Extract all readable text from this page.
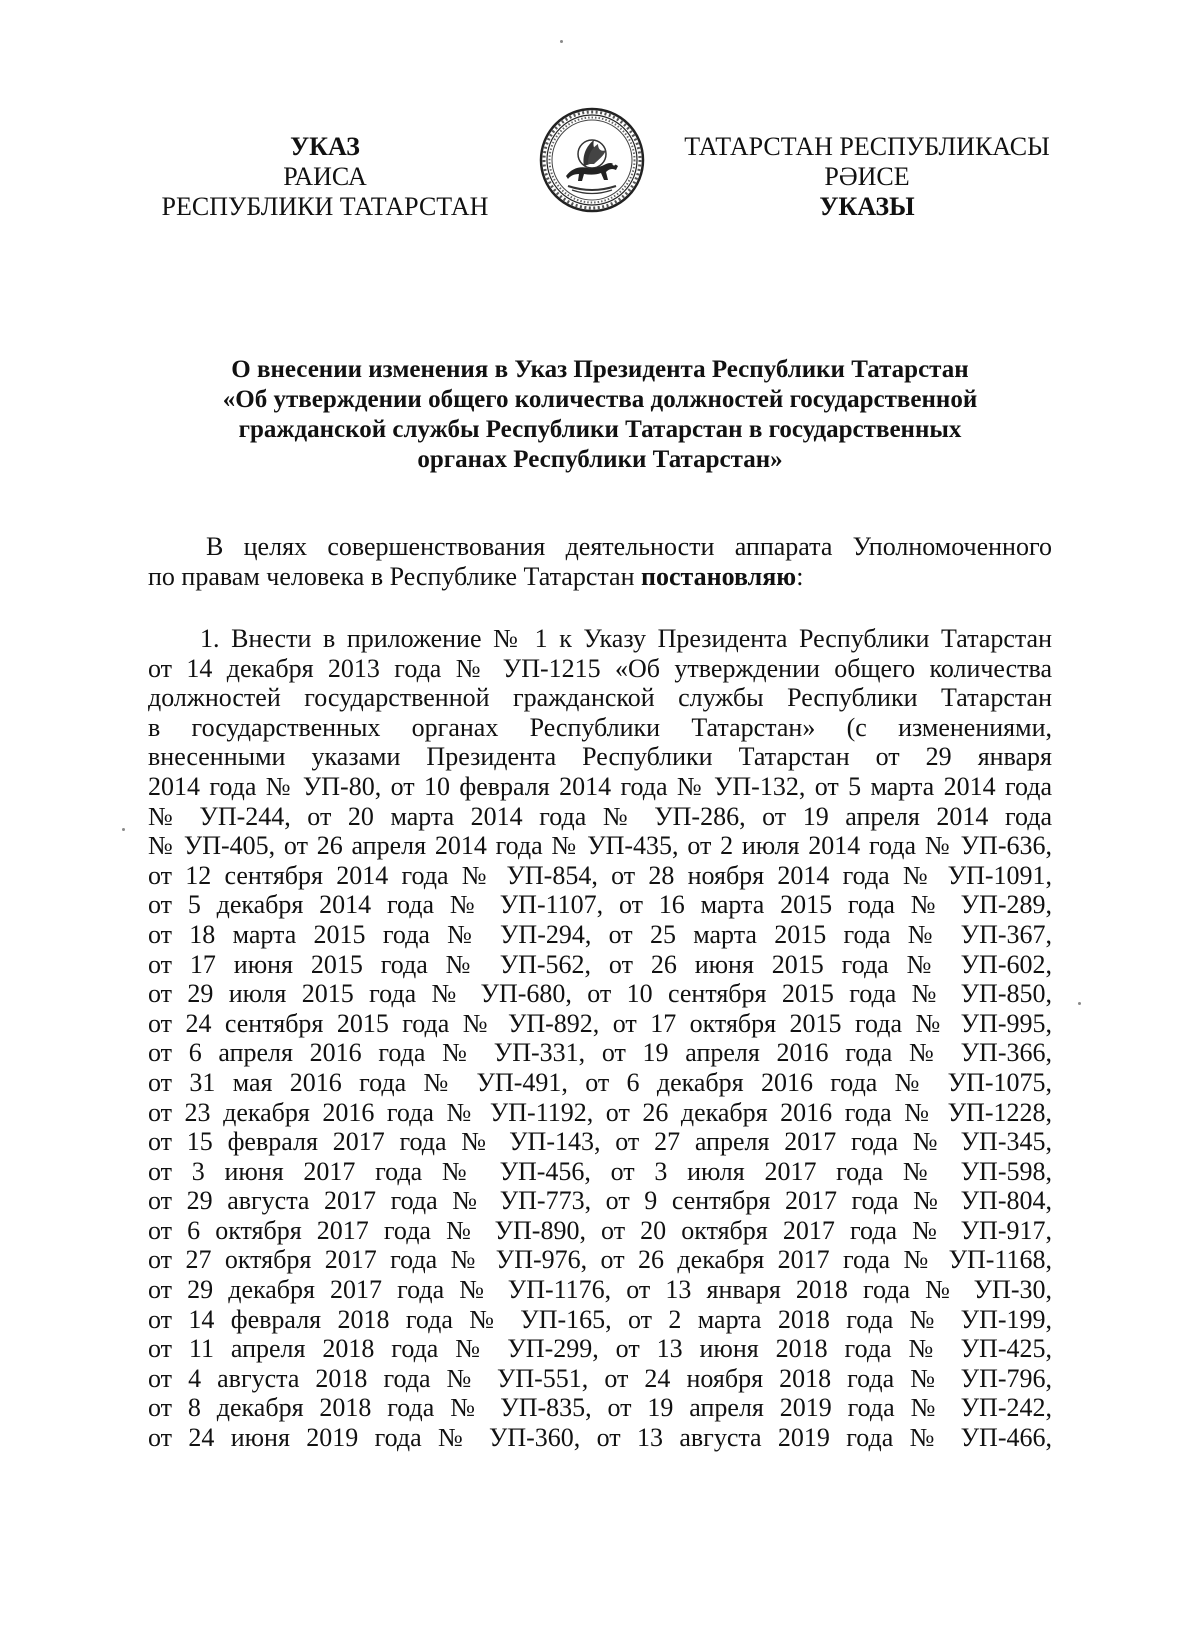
УКАЗ
РАИСА
РЕСПУБЛИКИ ТАТАРСТАН
ТАТАРСТАН РЕСПУБЛИКАСЫ
РӘИСЕ
УКАЗЫ
О внесении изменения в Указ Президента Республики Татарстан
«Об утверждении общего количества должностей государственной
гражданской службы Республики Татарстан в государственных
органах Республики Татарстан»
В целях совершенствования деятельности аппарата Уполномоченного
по правам человека в Республике Татарстан постановляю:
1. Внести в приложение № 1 к Указу Президента Республики Татарстан
от 14 декабря 2013 года № УП-1215 «Об утверждении общего количества
должностей государственной гражданской службы Республики Татарстан
в государственных органах Республики Татарстан» (с изменениями,
внесенными указами Президента Республики Татарстан от 29 января
2014 года № УП-80, от 10 февраля 2014 года № УП-132, от 5 марта 2014 года
№ УП-244, от 20 марта 2014 года № УП-286, от 19 апреля 2014 года
№ УП-405, от 26 апреля 2014 года № УП-435, от 2 июля 2014 года № УП-636,
от 12 сентября 2014 года № УП-854, от 28 ноября 2014 года № УП-1091,
от 5 декабря 2014 года № УП-1107, от 16 марта 2015 года № УП-289,
от 18 марта 2015 года № УП-294, от 25 марта 2015 года № УП-367,
от 17 июня 2015 года № УП-562, от 26 июня 2015 года № УП-602,
от 29 июля 2015 года № УП-680, от 10 сентября 2015 года № УП-850,
от 24 сентября 2015 года № УП-892, от 17 октября 2015 года № УП-995,
от 6 апреля 2016 года № УП-331, от 19 апреля 2016 года № УП-366,
от 31 мая 2016 года № УП-491, от 6 декабря 2016 года № УП-1075,
от 23 декабря 2016 года № УП-1192, от 26 декабря 2016 года № УП-1228,
от 15 февраля 2017 года № УП-143, от 27 апреля 2017 года № УП-345,
от 3 июня 2017 года № УП-456, от 3 июля 2017 года № УП-598,
от 29 августа 2017 года № УП-773, от 9 сентября 2017 года № УП-804,
от 6 октября 2017 года № УП-890, от 20 октября 2017 года № УП-917,
от 27 октября 2017 года № УП-976, от 26 декабря 2017 года № УП-1168,
от 29 декабря 2017 года № УП-1176, от 13 января 2018 года № УП-30,
от 14 февраля 2018 года № УП-165, от 2 марта 2018 года № УП-199,
от 11 апреля 2018 года № УП-299, от 13 июня 2018 года № УП-425,
от 4 августа 2018 года № УП-551, от 24 ноября 2018 года № УП-796,
от 8 декабря 2018 года № УП-835, от 19 апреля 2019 года № УП-242,
от 24 июня 2019 года № УП-360, от 13 августа 2019 года № УП-466,
